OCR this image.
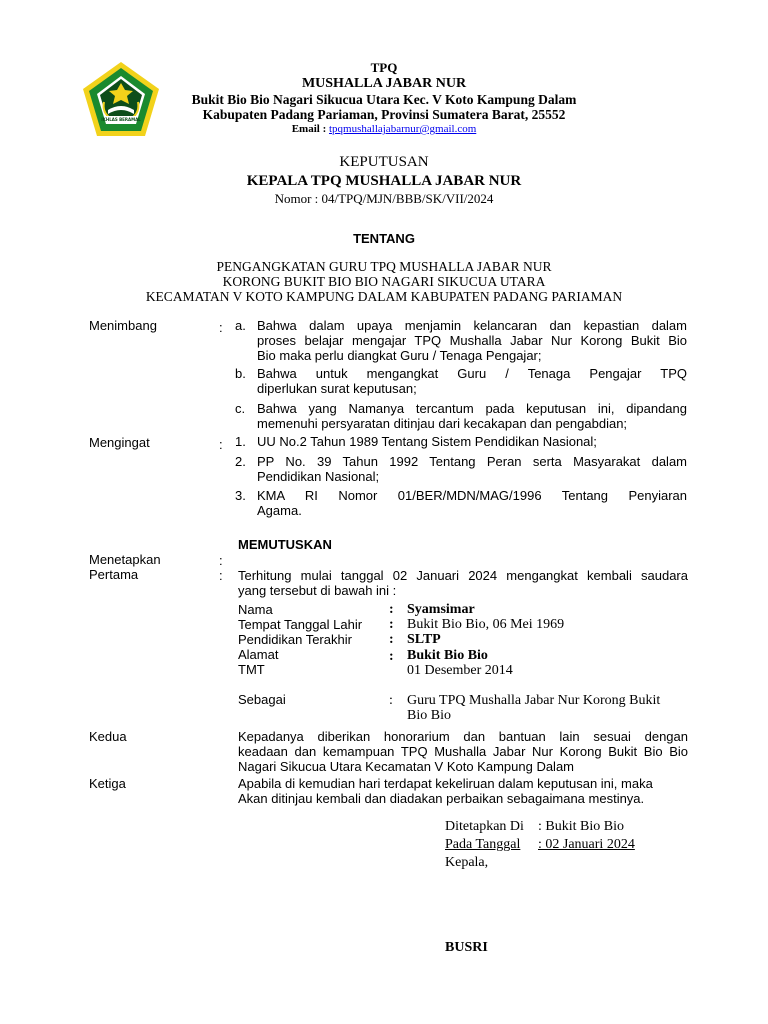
IKHLAS BERAMAL
TPQ
MUSHALLA JABAR NUR
Bukit Bio Bio Nagari Sikucua Utara Kec. V Koto Kampung Dalam
Kabupaten Padang Pariaman, Provinsi Sumatera Barat, 25552
Email : tpqmushallajabarnur@gmail.com
KEPUTUSAN
KEPALA TPQ MUSHALLA JABAR NUR
Nomor : 04/TPQ/MJN/BBB/SK/VII/2024
TENTANG
PENGANGKATAN GURU TPQ MUSHALLA JABAR NUR
KORONG BUKIT BIO BIO NAGARI SIKUCUA UTARA
KECAMATAN V KOTO KAMPUNG DALAM KABUPATEN PADANG PARIAMAN
Menimbang	: a. Bahwa dalam upaya menjamin kelancaran dan kepastian dalam
proses belajar mengajar TPQ Mushalla Jabar Nur Korong Bukit Bio
Bio maka perlu diangkat Guru / Tenaga Pengajar;
b. Bahwa untuk mengangkat Guru / Tenaga Pengajar TPQ
diperlukan surat keputusan;
c. Bahwa yang Namanya tercantum pada keputusan ini, dipandang
memenuhi persyaratan ditinjau dari kecakapan dan pengabdian;
Mengingat	: 1. UU No.2 Tahun 1989 Tentang Sistem Pendidikan Nasional;
2. PP No. 39 Tahun 1992 Tentang Peran serta Masyarakat dalam
Pendidikan Nasional;
3. KMA RI Nomor 01/BER/MDN/MAG/1996 Tentang Penyiaran
Agama.
MEMUTUSKAN
Menetapkan	:
Pertama	: Terhitung mulai tanggal 02 Januari 2024 mengangkat kembali saudara
yang tersebut di bawah ini :
Nama	: Syamsimar
Tempat Tanggal Lahir : Bukit Bio Bio, 06 Mei 1969
Pendidikan Terakhir	: SLTP
Alamat	: Bukit Bio Bio
TMT	01 Desember 2014
Sebagai	: Guru TPQ Mushalla Jabar Nur Korong Bukit
Bio Bio
Kedua	Kepadanya diberikan honorarium dan bantuan lain sesuai dengan
keadaan dan kemampuan TPQ Mushalla Jabar Nur Korong Bukit Bio Bio
Nagari Sikucua Utara Kecamatan V Koto Kampung Dalam
Ketiga	Apabila di kemudian hari terdapat kekeliruan dalam keputusan ini, maka
Akan ditinjau kembali dan diadakan perbaikan sebagaimana mestinya.
Ditetapkan Di : Bukit Bio Bio
Pada Tanggal : 02 Januari 2024
Kepala,
BUSRI
